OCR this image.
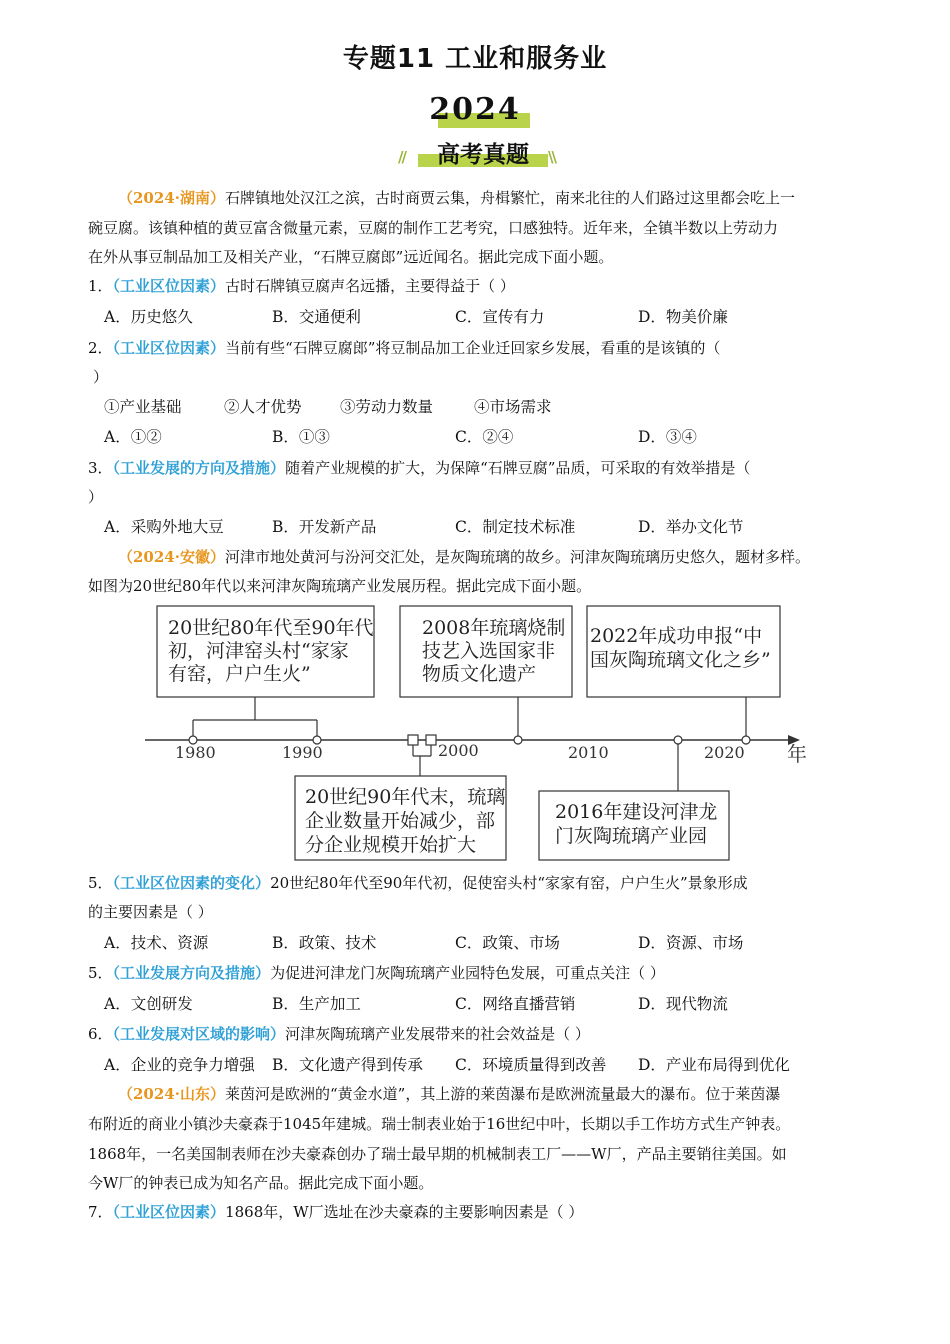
专题11 工业和服务业
2024
//	\\
高考真题
（2024·湖南）石牌镇地处汉江之滨，古时商贾云集，舟楫繁忙，南来北往的人们路过这里都会吃上一
碗豆腐。该镇种植的黄豆富含微量元素，豆腐的制作工艺考究，口感独特。近年来，全镇半数以上劳动力
在外从事豆制品加工及相关产业，“石牌豆腐郎”远近闻名。据此完成下面小题。
1．（工业区位因素）古时石牌镇豆腐声名远播，主要得益于（ ）
A．历史悠久	B．交通便利	C．宣传有力	D．物美价廉
2．（工业区位因素）当前有些“石牌豆腐郎”将豆制品加工企业迁回家乡发展，看重的是该镇的（
）
①产业基础	②人才优势 ③劳动力数量	④市场需求
A．①②	B．①③	C．②④	D．③④
3．（工业发展的方向及措施）随着产业规模的扩大，为保障“石牌豆腐”品质，可采取的有效举措是（
）
A．采购外地大豆	B．开发新产品	C．制定技术标准	D．举办文化节
（2024·安徽）河津市地处黄河与汾河交汇处，是灰陶琉璃的故乡。河津灰陶琉璃历史悠久，题材多样。
如图为20世纪80年代以来河津灰陶琉璃产业发展历程。据此完成下面小题。
20世纪80年代至90年代
初，河津窑头村“家家
有窑，户户生火”
2008年琉璃烧制
技艺入选国家非
物质文化遗产
2022年成功申报“中
国灰陶琉璃文化之乡”
20世纪90年代末，琉璃
企业数量开始减少，部
分企业规模开始扩大
2016年建设河津龙
门灰陶琉璃产业园
1980	1990	2000	2010	2020 年
5．（工业区位因素的变化）20世纪80年代至90年代初，促使窑头村“家家有窑，户户生火”景象形成
的主要因素是（ ）
A．技术、资源	B．政策、技术	C．政策、市场	D．资源、市场
5．（工业发展方向及措施）为促进河津龙门灰陶琉璃产业园特色发展，可重点关注（ ）
A．文创研发	B．生产加工	C．网络直播营销	D．现代物流
6．（工业发展对区域的影响）河津灰陶琉璃产业发展带来的社会效益是（ ）
A．企业的竞争力增强 B．文化遗产得到传承 C．环境质量得到改善 D．产业布局得到优化
（2024·山东）莱茵河是欧洲的“黄金水道”，其上游的莱茵瀑布是欧洲流量最大的瀑布。位于莱茵瀑
布附近的商业小镇沙夫豪森于1045年建城。瑞士制表业始于16世纪中叶，长期以手工作坊方式生产钟表。
1868年，一名美国制表师在沙夫豪森创办了瑞士最早期的机械制表工厂——W厂，产品主要销往美国。如
今W厂的钟表已成为知名产品。据此完成下面小题。
7．（工业区位因素）1868年，W厂选址在沙夫豪森的主要影响因素是（ ）
